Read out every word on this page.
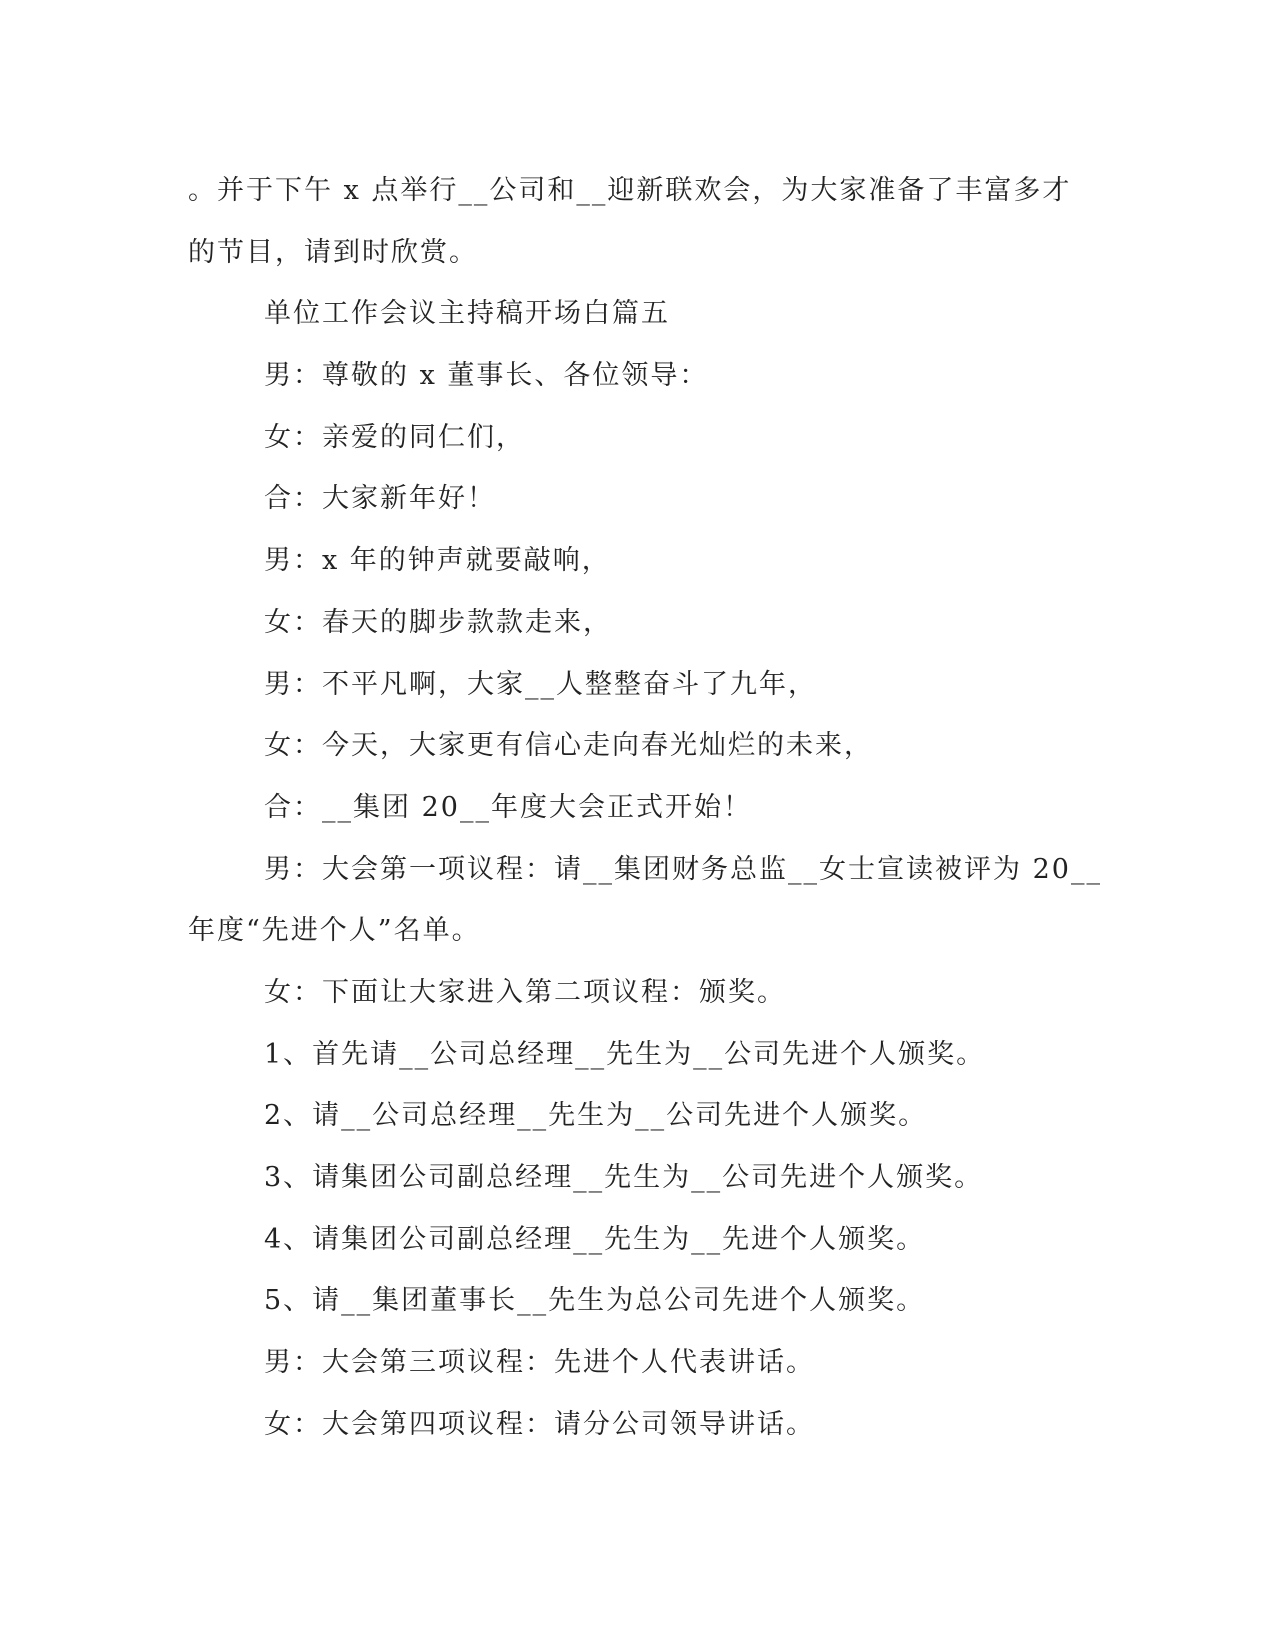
。并于下午 x 点举行__公司和__迎新联欢会，为大家准备了丰富多才
的节目，请到时欣赏。
单位工作会议主持稿开场白篇五
男：尊敬的 x 董事长、各位领导：
女：亲爱的同仁们，
合：大家新年好！
男：x 年的钟声就要敲响，
女：春天的脚步款款走来，
男：不平凡啊，大家__人整整奋斗了九年，
女：今天，大家更有信心走向春光灿烂的未来，
合：__集团 20__年度大会正式开始！
男：大会第一项议程：请__集团财务总监__女士宣读被评为 20__
年度“先进个人”名单。
女：下面让大家进入第二项议程：颁奖。
1、首先请__公司总经理__先生为__公司先进个人颁奖。
2、请__公司总经理__先生为__公司先进个人颁奖。
3、请集团公司副总经理__先生为__公司先进个人颁奖。
4、请集团公司副总经理__先生为__先进个人颁奖。
5、请__集团董事长__先生为总公司先进个人颁奖。
男：大会第三项议程：先进个人代表讲话。
女：大会第四项议程：请分公司领导讲话。
